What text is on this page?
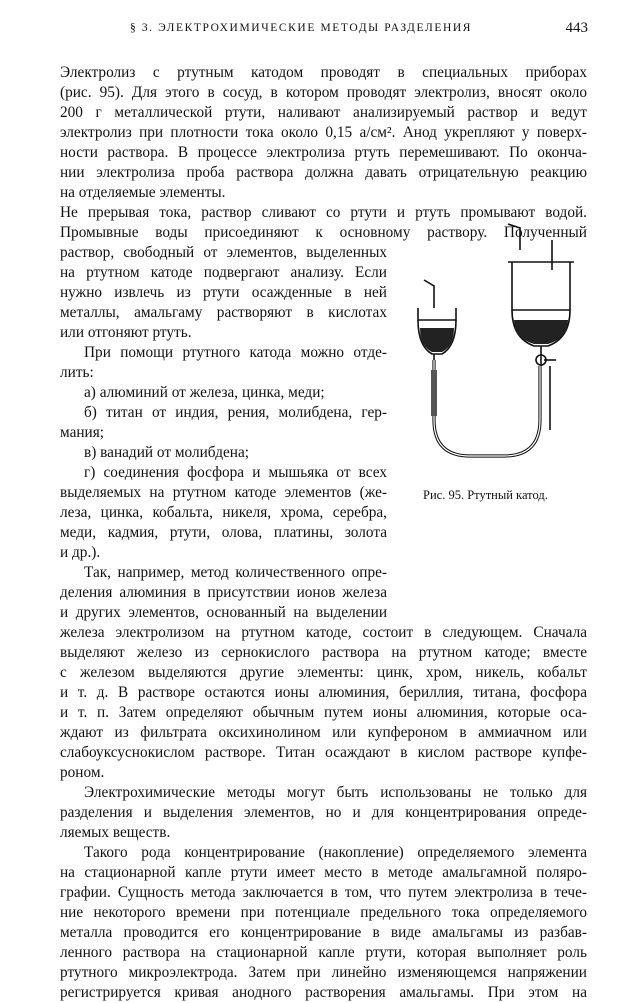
§ 3. ЭЛЕКТРОХИМИЧЕСКИЕ МЕТОДЫ РАЗДЕЛЕНИЯ	443
Электролиз с ртутным катодом проводят в специальных приборах
(рис. 95). Для этого в сосуд, в котором проводят электролиз, вносят около
200 г металлической ртути, наливают анализируемый раствор и ведут
электролиз при плотности тока около 0,15 а/см². Анод укрепляют у поверх-
ности раствора. В процессе электролиза ртуть перемешивают. По оконча-
нии электролиза проба раствора должна давать отрицательную реакцию
на отделяемые элементы.
Не прерывая тока, раствор сливают со ртути и ртуть промывают водой.
Промывные воды присоединяют к основному раствору. Полученный
раствор, свободный от элементов, выделенных
на ртутном катоде подвергают анализу. Если
нужно извлечь из ртути осажденные в ней
металлы, амальгаму растворяют в кислотах
или отгоняют ртуть.
При помощи ртутного катода можно отде-
лить:
а) алюминий от железа, цинка, меди;
б) титан от индия, рения, молибдена, гер-
мания;
в) ванадий от молибдена;
г) соединения фосфора и мышьяка от всех
выделяемых на ртутном катоде элементов (же-
леза, цинка, кобальта, никеля, хрома, серебра,
меди, кадмия, ртути, олова, платины, золота
и др.).
Так, например, метод количественного опре-
деления алюминия в присутствии ионов железа
и других элементов, основанный на выделении
железа электролизом на ртутном катоде, состоит в следующем. Сначала
выделяют железо из сернокислого раствора на ртутном катоде; вместе
с железом выделяются другие элементы: цинк, хром, никель, кобальт
и т. д. В растворе остаются ионы алюминия, бериллия, титана, фосфора
и т. п. Затем определяют обычным путем ионы алюминия, которые оса-
ждают из фильтрата оксихинолином или купфероном в аммиачном или
слабоуксуснокислом растворе. Титан осаждают в кислом растворе купфе-
роном.
Электрохимические методы могут быть использованы не только для
разделения и выделения элементов, но и для концентрирования опреде-
ляемых веществ.
Такого рода концентрирование (накопление) определяемого элемента
на стационарной капле ртути имеет место в методе амальгамной поляро-
графии. Сущность метода заключается в том, что путем электролиза в тече-
ние некоторого времени при потенциале предельного тока определяемого
металла проводится его концентрирование в виде амальгамы из разбав-
ленного раствора на стационарной капле ртути, которая выполняет роль
ртутного микроэлектрода. Затем при линейно изменяющемся напряжении
регистрируется кривая анодного растворения амальгамы. При этом на
Рис. 95. Ртутный катод.
